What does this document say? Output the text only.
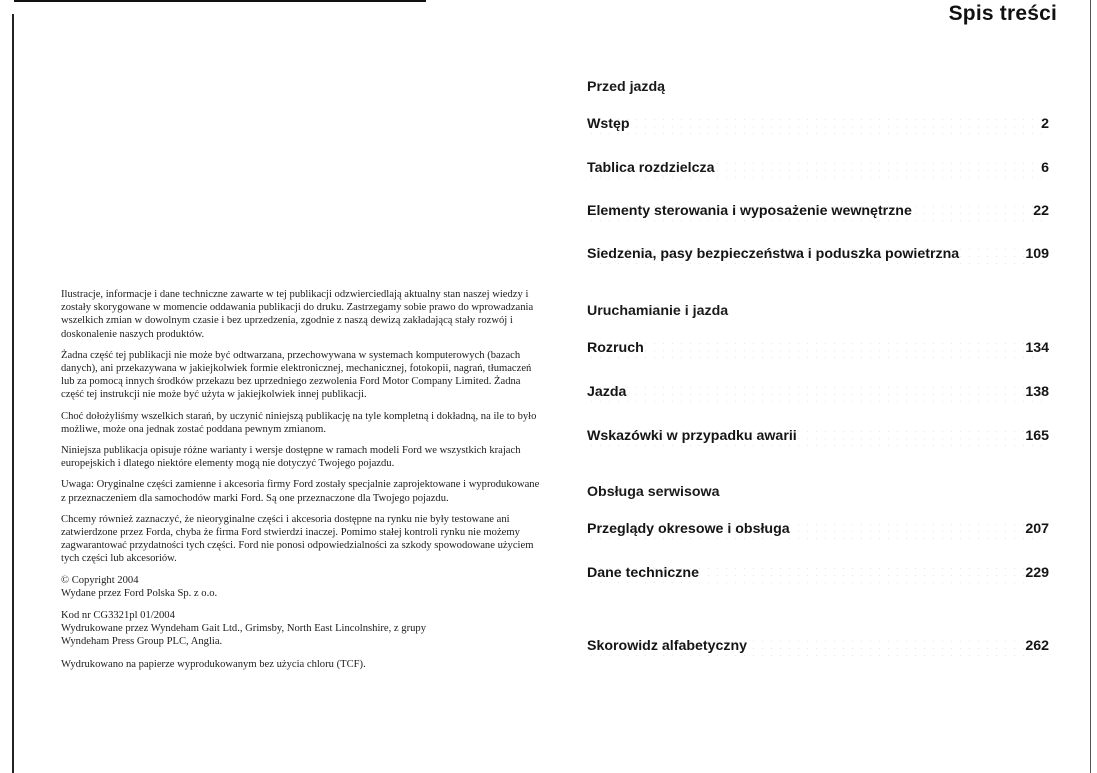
Ilustracje, informacje i dane techniczne zawarte w tej publikacji odzwierciedlają aktualny stan naszej wiedzy i zostały skorygowane w momencie oddawania publikacji do druku. Zastrzegamy sobie prawo do wprowadzania wszelkich zmian w dowolnym czasie i bez uprzedzenia, zgodnie z naszą dewizą zakładającą stały rozwój i doskonalenie naszych produktów.

Żadna część tej publikacji nie może być odtwarzana, przechowywana w systemach komputerowych (bazach danych), ani przekazywana w jakiejkolwiek formie elektronicznej, mechanicznej, fotokopii, nagrań, tłumaczeń lub za pomocą innych środków przekazu bez uprzedniego zezwolenia Ford Motor Company Limited. Żadna część tej instrukcji nie może być użyta w jakiejkolwiek innej publikacji.

Choć dołożyliśmy wszelkich starań, by uczynić niniejszą publikację na tyle kompletną i dokładną, na ile to było możliwe, może ona jednak zostać poddana pewnym zmianom.

Niniejsza publikacja opisuje różne warianty i wersje dostępne w ramach modeli Ford we wszystkich krajach europejskich i dlatego niektóre elementy mogą nie dotyczyć Twojego pojazdu.

Uwaga: Oryginalne części zamienne i akcesoria firmy Ford zostały specjalnie zaprojektowane i wyprodukowane z przeznaczeniem dla samochodów marki Ford. Są one przeznaczone dla Twojego pojazdu.

Chcemy również zaznaczyć, że nieoryginalne części i akcesoria dostępne na rynku nie były testowane ani zatwierdzone przez Forda, chyba że firma Ford stwierdzi inaczej. Pomimo stałej kontroli rynku nie możemy zagwarantować przydatności tych części. Ford nie ponosi odpowiedzialności za szkody spowodowane użyciem tych części lub akcesoriów.

© Copyright 2004
Wydane przez Ford Polska Sp. z o.o.

Kod nr CG3321pl 01/2004
Wydrukowane przez Wyndeham Gait Ltd., Grimsby, North East Lincolnshire, z grupy
Wyndeham Press Group PLC, Anglia.

Wydrukowano na papierze wyprodukowanym bez użycia chloru (TCF).

Spis treści
Przed jazdą
Wstęp	2
Tablica rozdzielcza	6
Elementy sterowania i wyposażenie wewnętrzne	22
Siedzenia, pasy bezpieczeństwa i poduszka powietrzna	109
Uruchamianie i jazda
Rozruch	134
Jazda	138
Wskazówki w przypadku awarii	165
Obsługa serwisowa
Przeglądy okresowe i obsługa	207
Dane techniczne	229
Skorowidz alfabetyczny	262
